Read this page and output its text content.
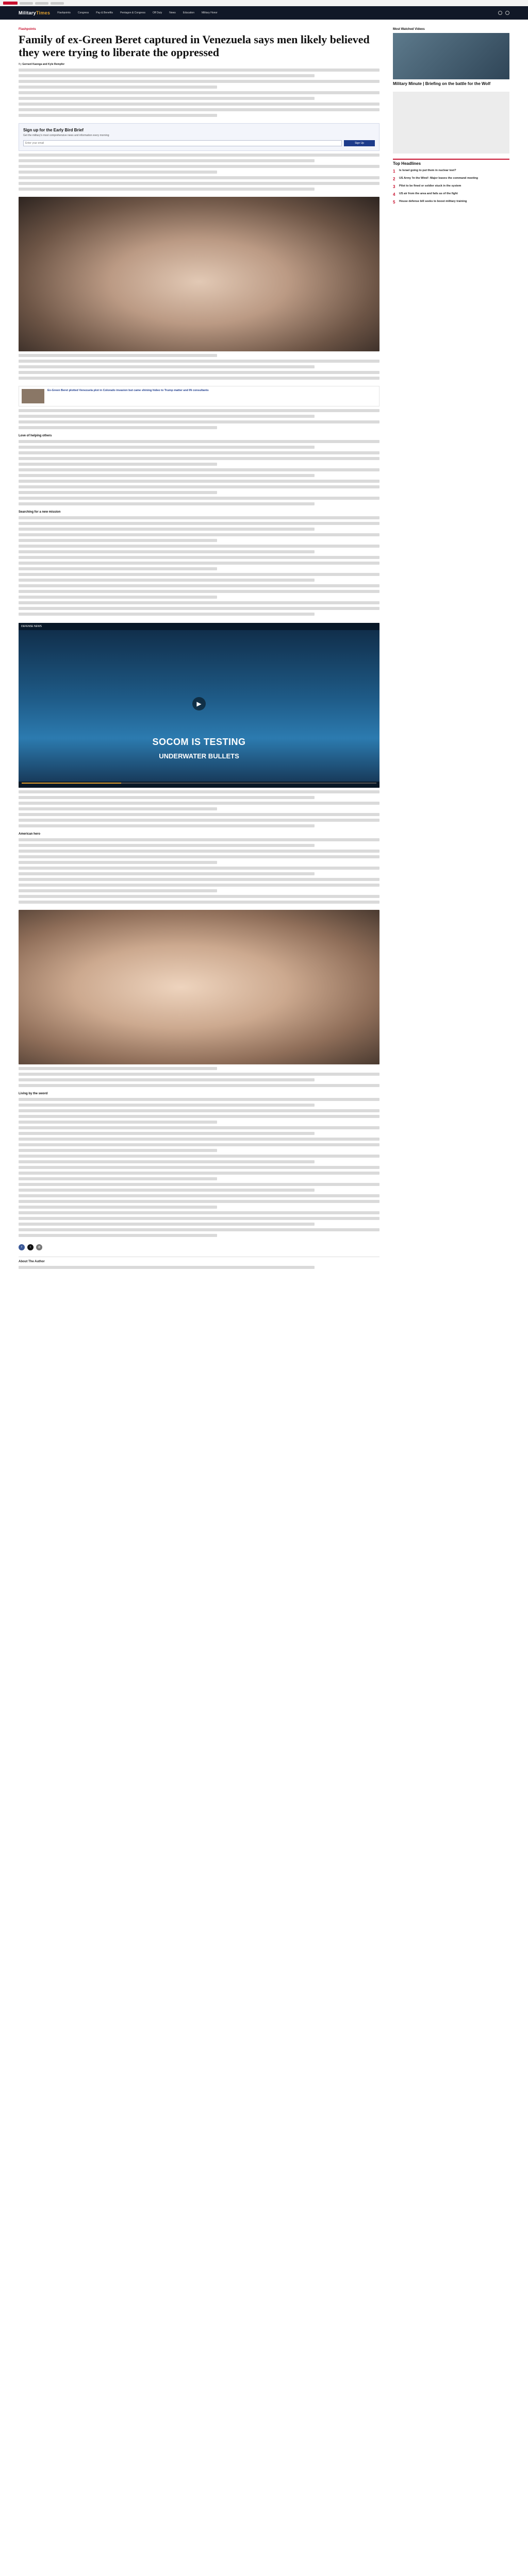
MilitaryTimes	Flashpoints	Congress	Pay & Benefits	Pentagon & Congress	Off Duty	News	Education	Military Honor
Flashpoints
Family of ex-Green Beret captured in Venezuela says men likely believed they were trying to liberate the oppressed
By Gerrard Kaonga and Kyle Rempfer
Sign up for the Early Bird Brief
Get the military's most comprehensive news and information every morning
Enter your email
Sign Up
Ex-Green Beret plotted Venezuela plot in Colorado invasion but came shining hideo to Trump matter and IN consultants
Love of helping others
Searching for a new mission
DEFENSE NEWS
▶
SOCOM IS TESTING
UNDERWATER BULLETS
American hero
Living by the sword
f	t	@
About The Author
Most Watched Videos
Military Minute | Briefing on the battle for the Wolf
Top Headlines
1	Is Israel going to put them in nuclear test?
2	US Army 'In the Wind': Major leaves the command meeting
3	Pilot to be fined or soldier stuck in the system
4	US air from the area and fails as of the fight
5	House defense bill seeks to boost military training
